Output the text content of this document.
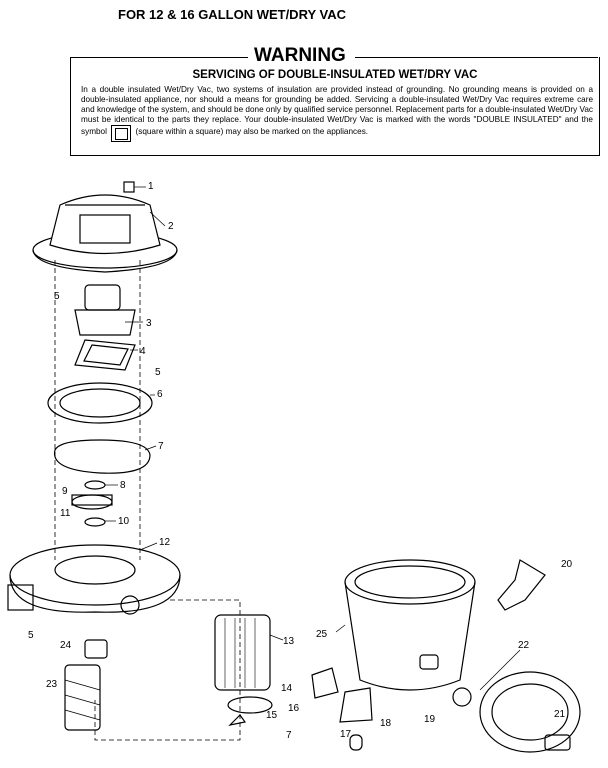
FOR 12 & 16 GALLON WET/DRY VAC
SERVICING OF DOUBLE-INSULATED WET/DRY VAC
In a double insulated Wet/Dry Vac, two systems of insulation are provided instead of grounding. No grounding means is provided on a double-insulated appliance, nor should a means for grounding be added. Servicing a double-insulated Wet/Dry Vac requires extreme care and knowledge of the system, and should be done only by qualified service personnel. Replacement parts for a double-insulated Wet/Dry Vac must be identical to the parts they replace. Your double-insulated Wet/Dry Vac is marked with the words "DOUBLE INSULATED" and the symbol	(square within a square) may also be marked on the appliances.
WARNING
1
2
5
3
4
5
6
7
8
9
10
11
12
5
24
23
13
14
15
7
25
16
17
18	19
20
22
21
